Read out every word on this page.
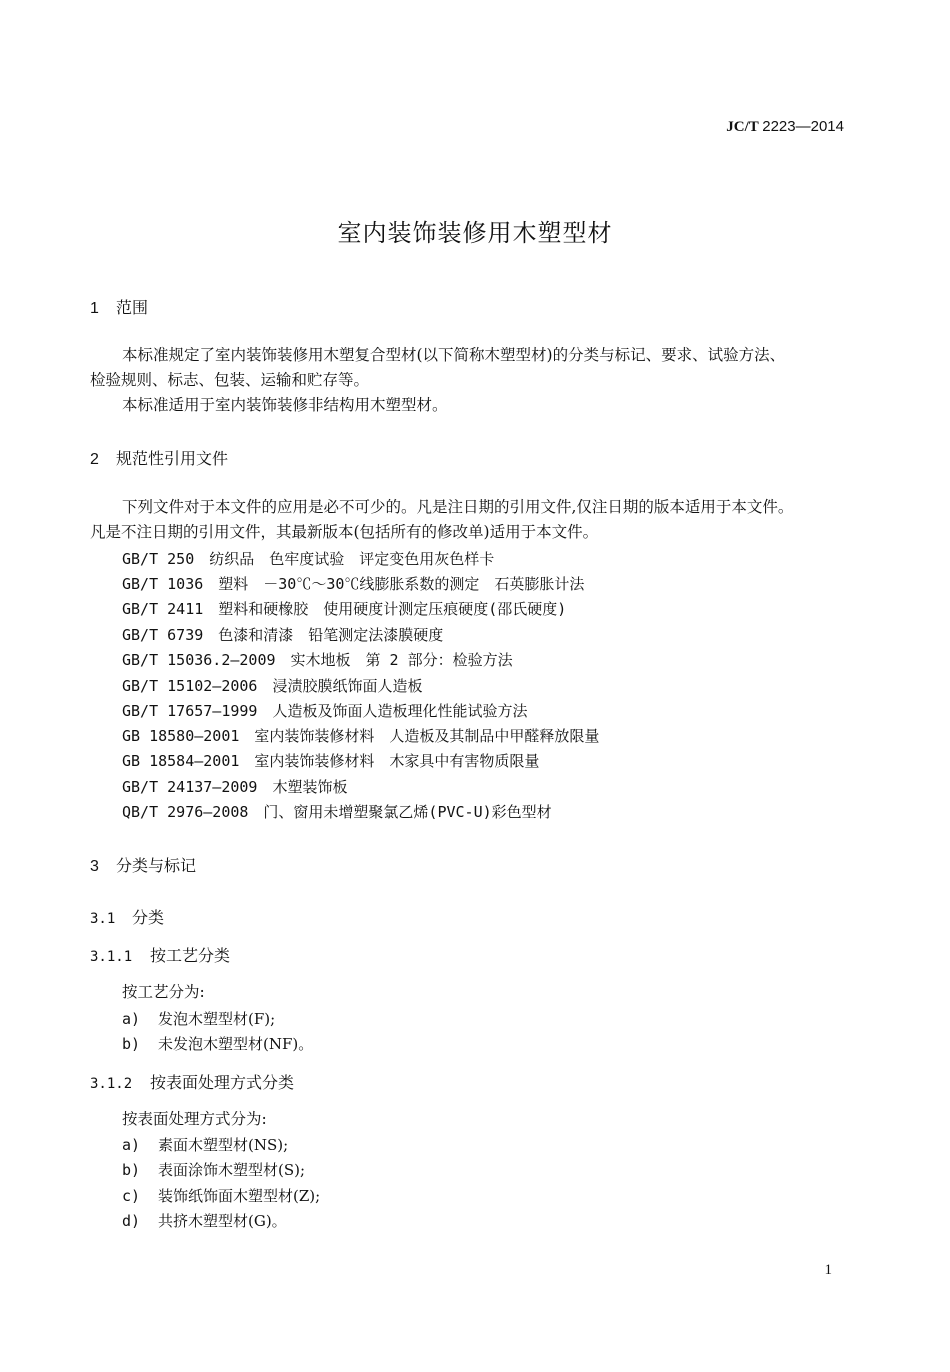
JC/T 2223—2014
室内装饰装修用木塑型材
1 范围
本标准规定了室内装饰装修用木塑复合型材(以下简称木塑型材)的分类与标记、要求、试验方法、
检验规则、标志、包装、运输和贮存等。
本标准适用于室内装饰装修非结构用木塑型材。
2 规范性引用文件
下列文件对于本文件的应用是必不可少的。凡是注日期的引用文件,仅注日期的版本适用于本文件。
凡是不注日期的引用文件，其最新版本(包括所有的修改单)适用于本文件。
GB/T 250　纺织品　色牢度试验　评定变色用灰色样卡
GB/T 1036　塑料　－30℃～30℃线膨胀系数的测定　石英膨胀计法
GB/T 2411　塑料和硬橡胶　使用硬度计测定压痕硬度(邵氏硬度)
GB/T 6739　色漆和清漆　铅笔测定法漆膜硬度
GB/T 15036.2—2009　实木地板　第 2 部分：检验方法
GB/T 15102—2006　浸渍胶膜纸饰面人造板
GB/T 17657—1999　人造板及饰面人造板理化性能试验方法
GB 18580—2001　室内装饰装修材料　人造板及其制品中甲醛释放限量
GB 18584—2001　室内装饰装修材料　木家具中有害物质限量
GB/T 24137—2009　木塑装饰板
QB/T 2976—2008　门、窗用未增塑聚氯乙烯(PVC-U)彩色型材
3 分类与标记
3.1 分类
3.1.1 按工艺分类
按工艺分为:
a) 发泡木塑型材(F);
b) 未发泡木塑型材(NF)。
3.1.2 按表面处理方式分类
按表面处理方式分为:
a) 素面木塑型材(NS);
b) 表面涂饰木塑型材(S);
c) 装饰纸饰面木塑型材(Z);
d) 共挤木塑型材(G)。
1
